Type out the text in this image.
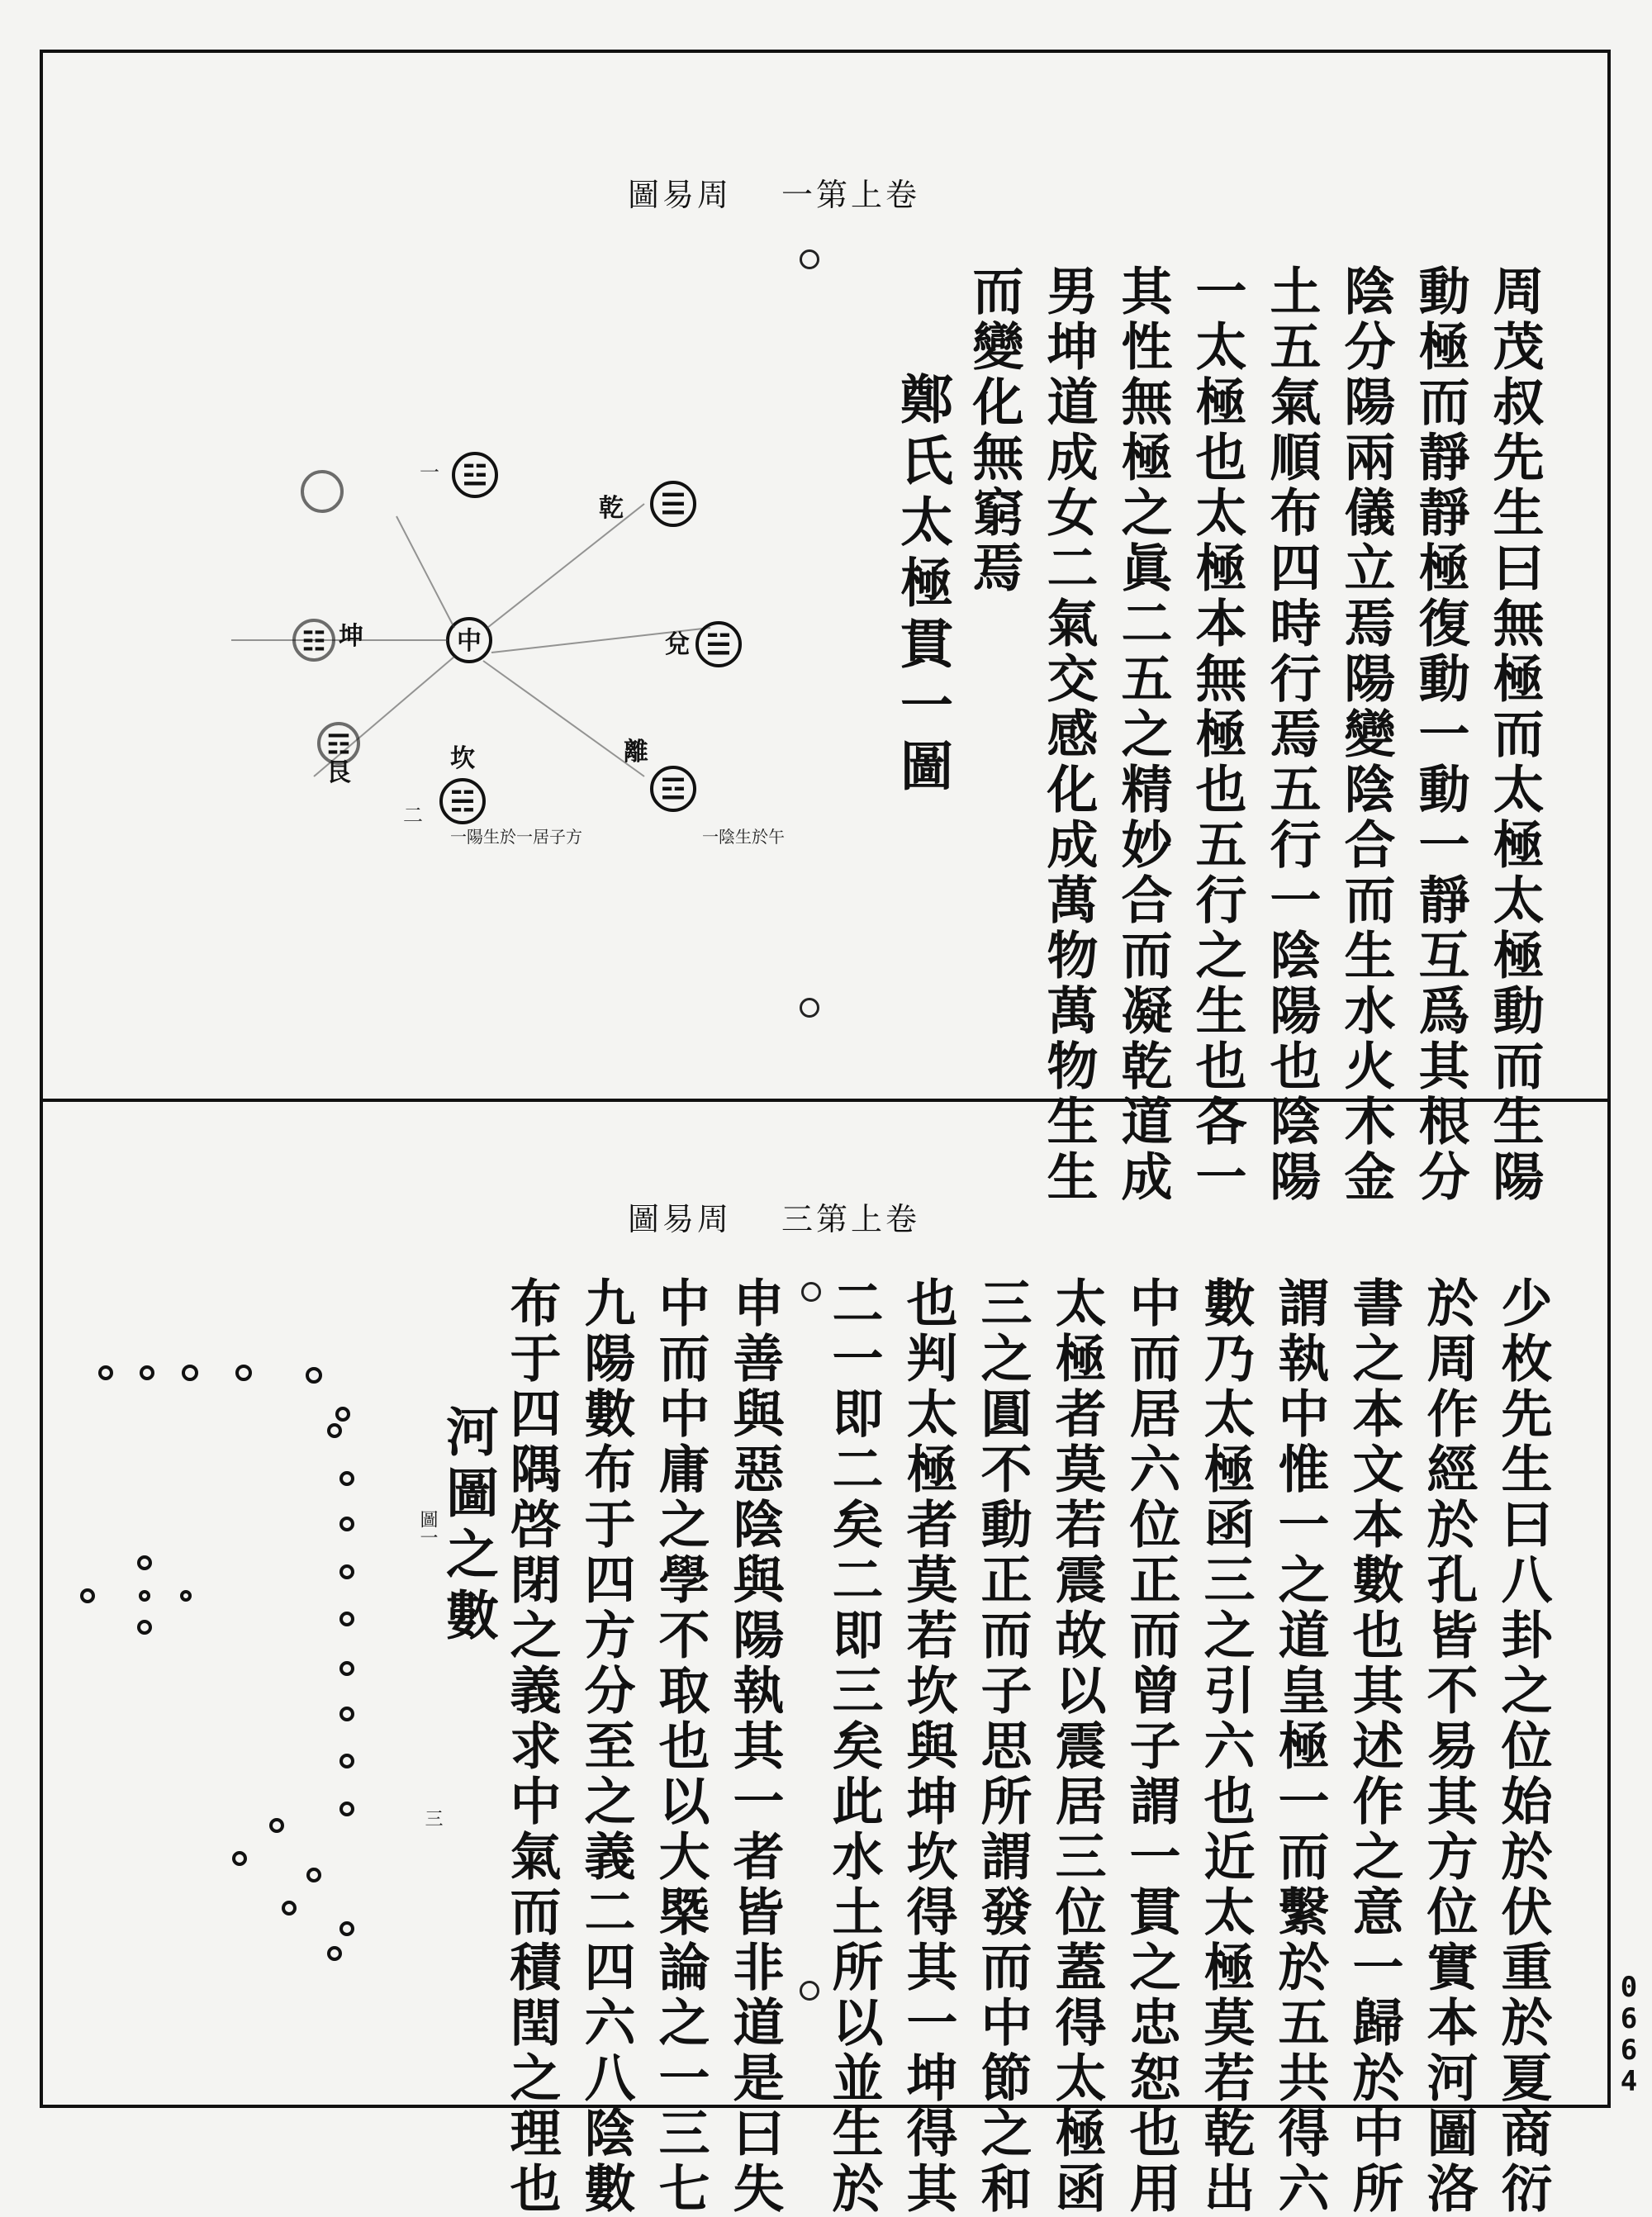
0664
卷上第一周易圖
周茂叔先生曰無極而太極太極動而生陽
動極而靜靜極復動一動一靜互爲其根分
陰分陽兩儀立焉陽變陰合而生水火木金
土五氣順布四時行焉五行一陰陽也陰陽
一太極也太極本無極也五行之生也各一
其性無極之眞二五之精妙合而凝乾道成
男坤道成女二氣交感化成萬物萬物生生
而變化無窮焉
鄭氏太極貫一圖
中
☰
乾
☱
兌
☲
離
一陰生於午
☵
坎
一陽生於一居子方
二
☳
一
☶
艮
☷ 坤
卷上第三周易圖
少枚先生曰八卦之位始於伏重於夏商衍
於周作經於孔皆不易其方位實本河圖洛
書之本文本數也其述作之意一歸於中所
謂執中惟一之道皇極一而繫於五共得六
數乃太極函三之引六也近太極莫若乾出
中而居六位正而曾子謂一貫之忠恕也用
太極者莫若震故以震居三位蓋得太極函
三之圓不動正而子思所謂發而中節之和
也判太極者莫若坎與坤坎得其一坤得其
二一即二矣二即三矣此水土所以並生於
申善與惡陰與陽執其一者皆非道是曰失
中而中庸之學不取也以大槩論之一三七
九陽數布于四方分至之義二四六八陰數
布于四隅啓閉之義求中氣而積閏之理也
河圖之數
圖一
三
